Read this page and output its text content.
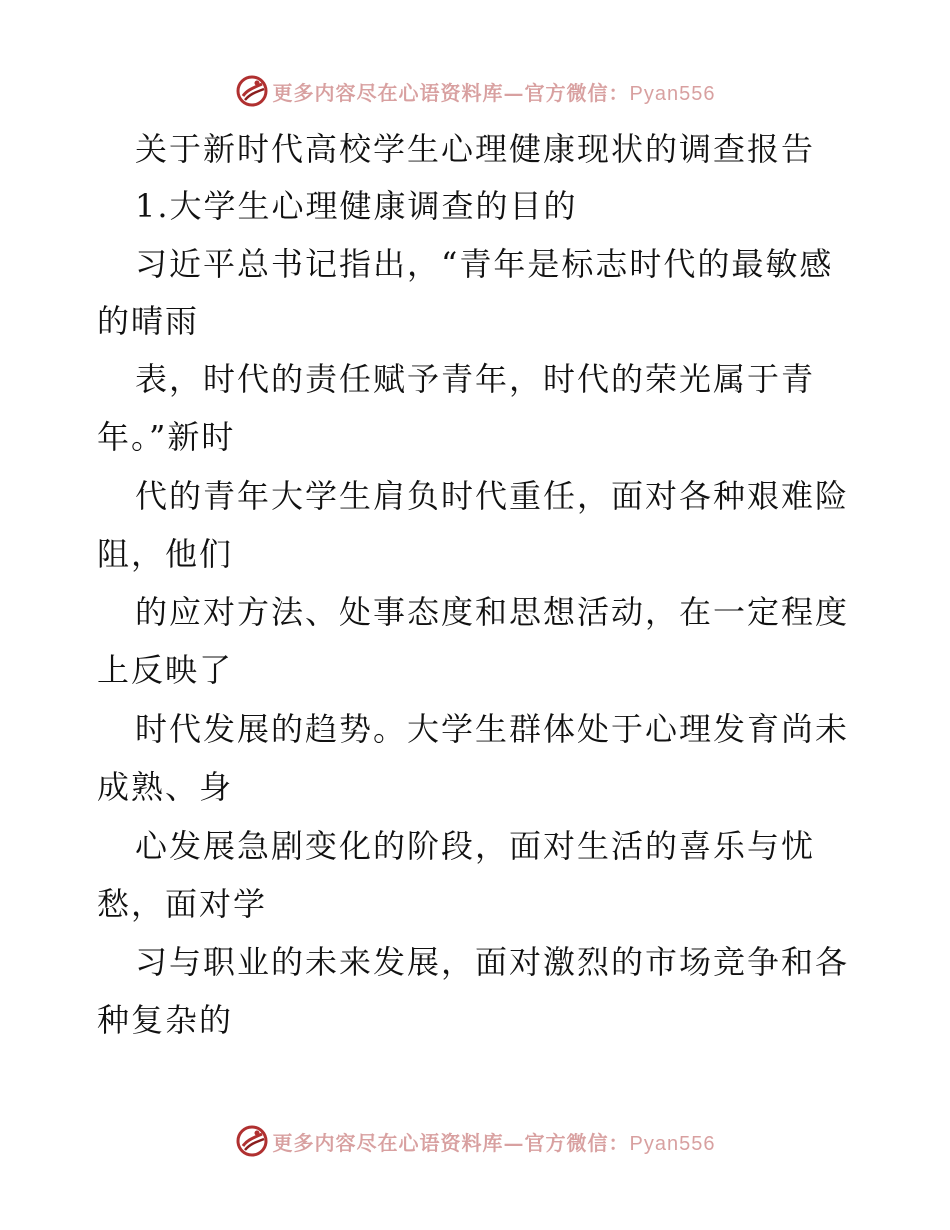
更多内容尽在心语资料库—官方微信：Pyan556
关于新时代高校学生心理健康现状的调查报告
1.大学生心理健康调查的目的
习近平总书记指出，“青年是标志时代的最敏感
的晴雨
表，时代的责任赋予青年，时代的荣光属于青
年。”新时
代的青年大学生肩负时代重任，面对各种艰难险
阻，他们
的应对方法、处事态度和思想活动，在一定程度
上反映了
时代发展的趋势。大学生群体处于心理发育尚未
成熟、身
心发展急剧变化的阶段，面对生活的喜乐与忧
愁，面对学
习与职业的未来发展，面对激烈的市场竞争和各
种复杂的
更多内容尽在心语资料库—官方微信：Pyan556
